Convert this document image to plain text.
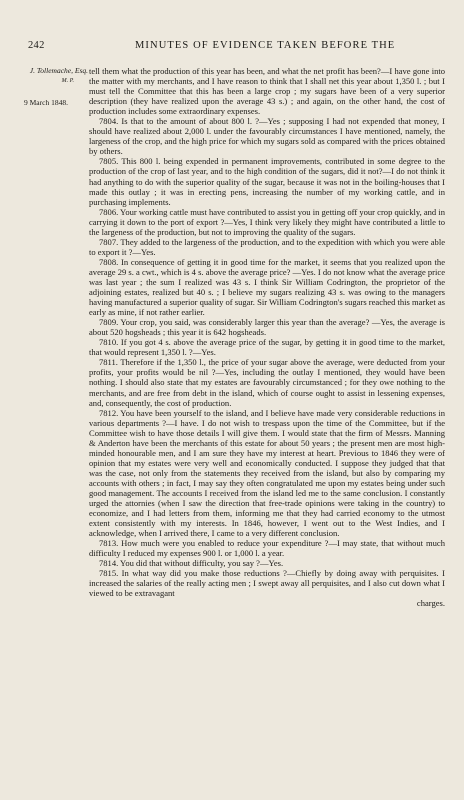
242	MINUTES OF EVIDENCE TAKEN BEFORE THE
J. Tollemache, Esq.
M. P.
9 March 1848.

tell them what the production of this year has been, and what the net profit has been?—I have gone into the matter with my merchants, and I have reason to think that I shall net this year about 1,350 l. ; but I must tell the Committee that this has been a large crop ; my sugars have been of a very superior description (they have realized upon the average 43 s.) ; and again, on the other hand, the cost of production includes some extraordinary expenses.

7804. Is that to the amount of about 800 l. ?—Yes ; supposing I had not expended that money, I should have realized about 2,000 l. under the favourably circumstances I have mentioned, namely, the largeness of the crop, and the high price for which my sugars sold as compared with the prices obtained by others.

7805. This 800 l. being expended in permanent improvements, contributed in some degree to the production of the crop of last year, and to the high condition of the sugars, did it not?—I do not think it had anything to do with the superior quality of the sugar, because it was not in the boiling-houses that I made this outlay ; it was in erecting pens, increasing the number of my working cattle, and in purchasing implements.

7806. Your working cattle must have contributed to assist you in getting off your crop quickly, and in carrying it down to the port of export ?—Yes, I think very likely they might have contributed a little to the largeness of the production, but not to improving the quality of the sugars.

7807. They added to the largeness of the production, and to the expedition with which you were able to export it ?—Yes.

7808. In consequence of getting it in good time for the market, it seems that you realized upon the average 29 s. a cwt., which is 4 s. above the average price? —Yes. I do not know what the average price was last year ; the sum I realized was 43 s. I think Sir William Codrington, the proprietor of the adjoining estates, realized but 40 s. ; I believe my sugars realizing 43 s. was owing to the managers having manufactured a superior quality of sugar. Sir William Codrington's sugars reached this market as early as mine, if not rather earlier.

7809. Your crop, you said, was considerably larger this year than the average? —Yes, the average is about 520 hogsheads ; this year it is 642 hogsheads.

7810. If you got 4 s. above the average price of the sugar, by getting it in good time to the market, that would represent 1,350 l. ?—Yes.

7811. Therefore if the 1,350 l., the price of your sugar above the average, were deducted from your profits, your profits would be nil ?—Yes, including the outlay I mentioned, they would have been nothing. I should also state that my estates are favourably circumstanced ; for they owe nothing to the merchants, and are free from debt in the island, which of course ought to assist in lessening expenses, and, consequently, the cost of production.

7812. You have been yourself to the island, and I believe have made very considerable reductions in various departments ?—I have. I do not wish to trespass upon the time of the Committee, but if the Committee wish to have those details I will give them. I would state that the firm of Messrs. Manning & Anderton have been the merchants of this estate for about 50 years ; the present men are most high-minded honourable men, and I am sure they have my interest at heart. Previous to 1846 they were of opinion that my estates were very well and economically conducted. I suppose they judged that that was the case, not only from the statements they received from the island, but also by comparing my accounts with others ; in fact, I may say they often congratulated me upon my estates being under such good management. The accounts I received from the island led me to the same conclusion. I constantly urged the attornies (when I saw the direction that free-trade opinions were taking in the country) to economize, and I had letters from them, informing me that they had carried economy to the utmost extent consistently with my interests. In 1846, however, I went out to the West Indies, and I acknowledge, when I arrived there, I came to a very different conclusion.

7813. How much were you enabled to reduce your expenditure ?—I may state, that without much difficulty I reduced my expenses 900 l. or 1,000 l. a year.

7814. You did that without difficulty, you say ?—Yes.

7815. In what way did you make those reductions ?—Chiefly by doing away with perquisites. I increased the salaries of the really acting men ; I swept away all perquisites, and I also cut down what I viewed to be extravagant

charges.
